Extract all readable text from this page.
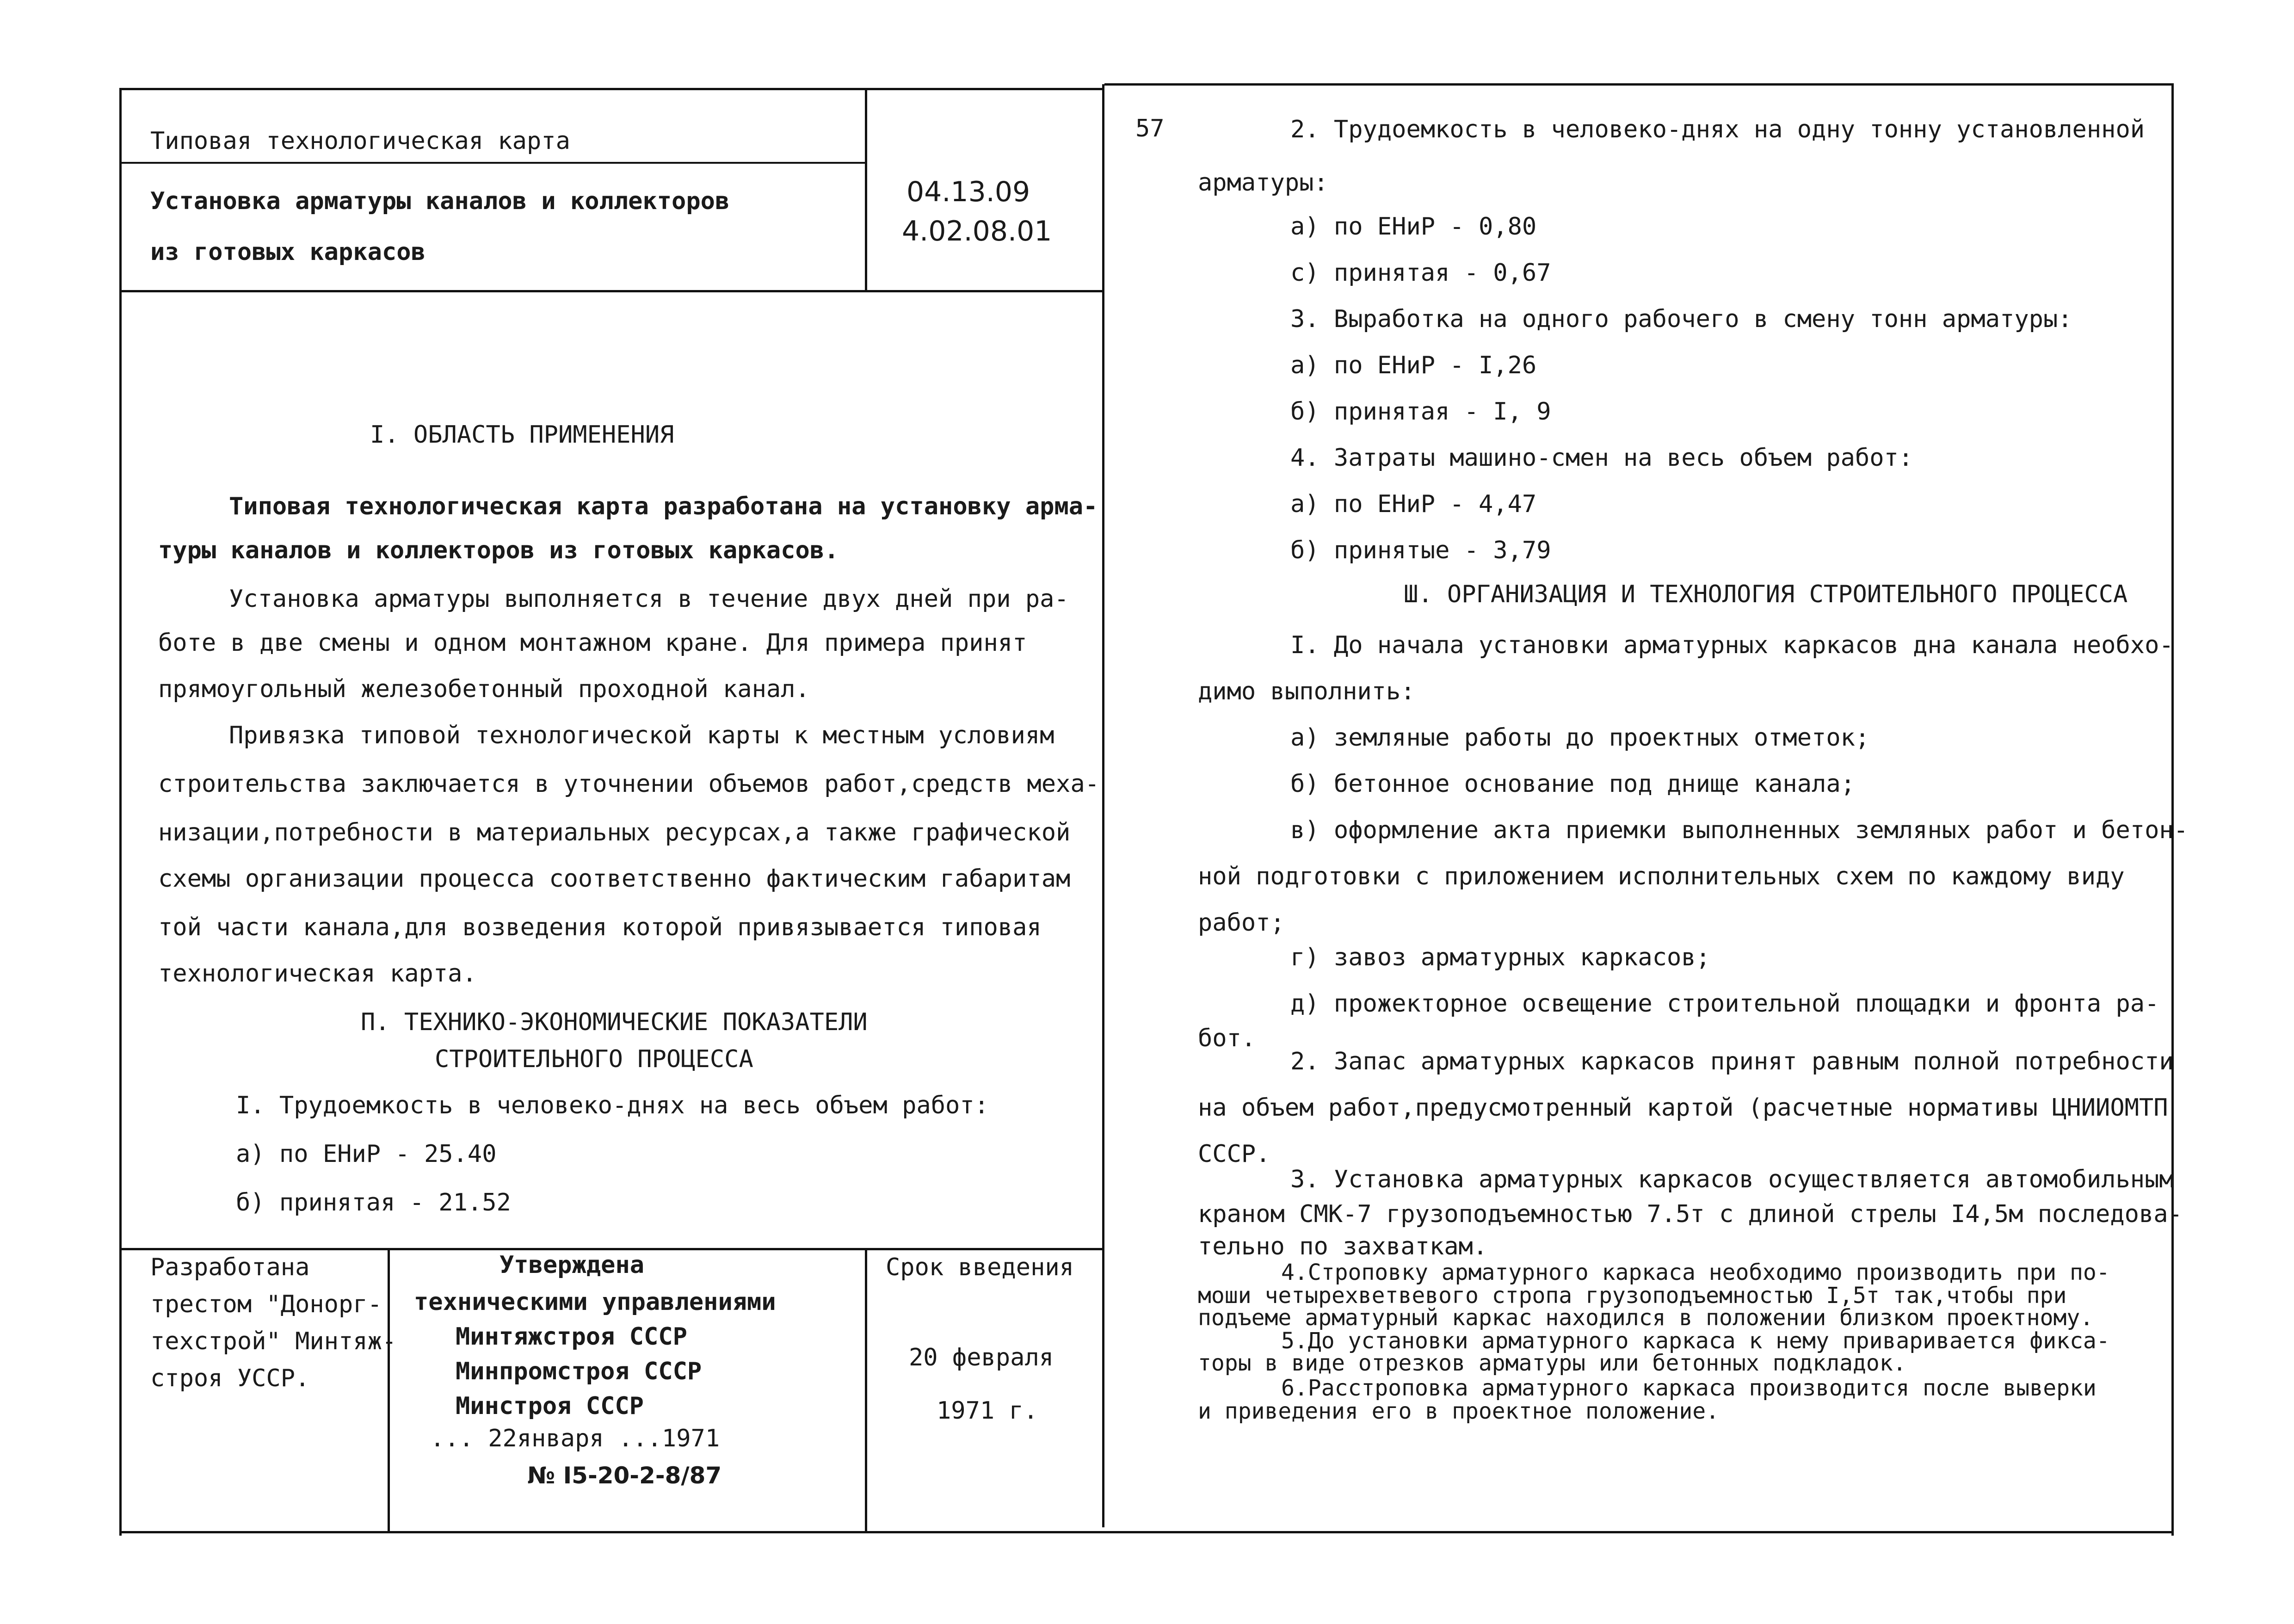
Типовая технологическая карта
Установка арматуры каналов и коллекторов
из готовых каркасов
04.13.09
4.02.08.01
57
I. ОБЛАСТЬ ПРИМЕНЕНИЯ
Типовая технологическая карта разработана на установку арма-
туры каналов и коллекторов из готовых каркасов.
Установка арматуры выполняется в течение двух дней при ра-
боте в две смены и одном монтажном кране. Для примера принят
прямоугольный железобетонный проходной канал.
Привязка типовой технологической карты к местным условиям
строительства заключается в уточнении объемов работ,средств меха-
низации,потребности в материальных ресурсах,а также графической
схемы организации процесса соответственно фактическим габаритам
той части канала,для возведения которой привязывается типовая
технологическая карта.
П. ТЕХНИКО-ЭКОНОМИЧЕСКИЕ ПОКАЗАТЕЛИ
СТРОИТЕЛЬНОГО ПРОЦЕССА
I. Трудоемкость в человеко-днях на весь объем работ:
а) по ЕНиР - 25.40
б) принятая - 21.52
2. Трудоемкость в человеко-днях на одну тонну установленной
арматуры:
а) по ЕНиР - 0,80
с) принятая - 0,67
3. Выработка на одного рабочего в смену тонн арматуры:
а) по ЕНиР - I,26
б) принятая - I, 9
4. Затраты машино-смен на весь объем работ:
а) по ЕНиР - 4,47
б) принятые - 3,79
Ш. ОРГАНИЗАЦИЯ И ТЕХНОЛОГИЯ СТРОИТЕЛЬНОГО ПРОЦЕССА
I. До начала установки арматурных каркасов дна канала необхо-
димо выполнить:
а) земляные работы до проектных отметок;
б) бетонное основание под днище канала;
в) оформление акта приемки выполненных земляных работ и бетон-
ной подготовки с приложением исполнительных схем по каждому виду
работ;
г) завоз арматурных каркасов;
д) прожекторное освещение строительной площадки и фронта ра-
бот.
2. Запас арматурных каркасов принят равным полной потребности
на объем работ,предусмотренный картой (расчетные нормативы ЦНИИОМТП
СССР.
3. Установка арматурных каркасов осуществляется автомобильным
краном СМК-7 грузоподъемностью 7.5т с длиной стрелы I4,5м последова-
тельно по захваткам.
4.Строповку арматурного каркаса необходимо производить при по-
моши четырехветвевого стропа грузоподъемностью I,5т так,чтобы при
подъеме арматурный каркас находился в положении близком проектному.
5.До установки арматурного каркаса к нему приваривается фикса-
торы в виде отрезков арматуры или бетонных подкладок.
6.Расстроповка арматурного каркаса производится после выверки
и приведения его в проектное положение.
Разработана
трестом "Донорг-
техстрой" Минтяж-
строя УССР.
Утверждена
техническими управлениями
Минтяжстроя СССР
Минпромстроя СССР
Минстроя СССР
... 22января ...1971
№ I5-20-2-8/87
Срок введения
20 февраля
1971 г.
